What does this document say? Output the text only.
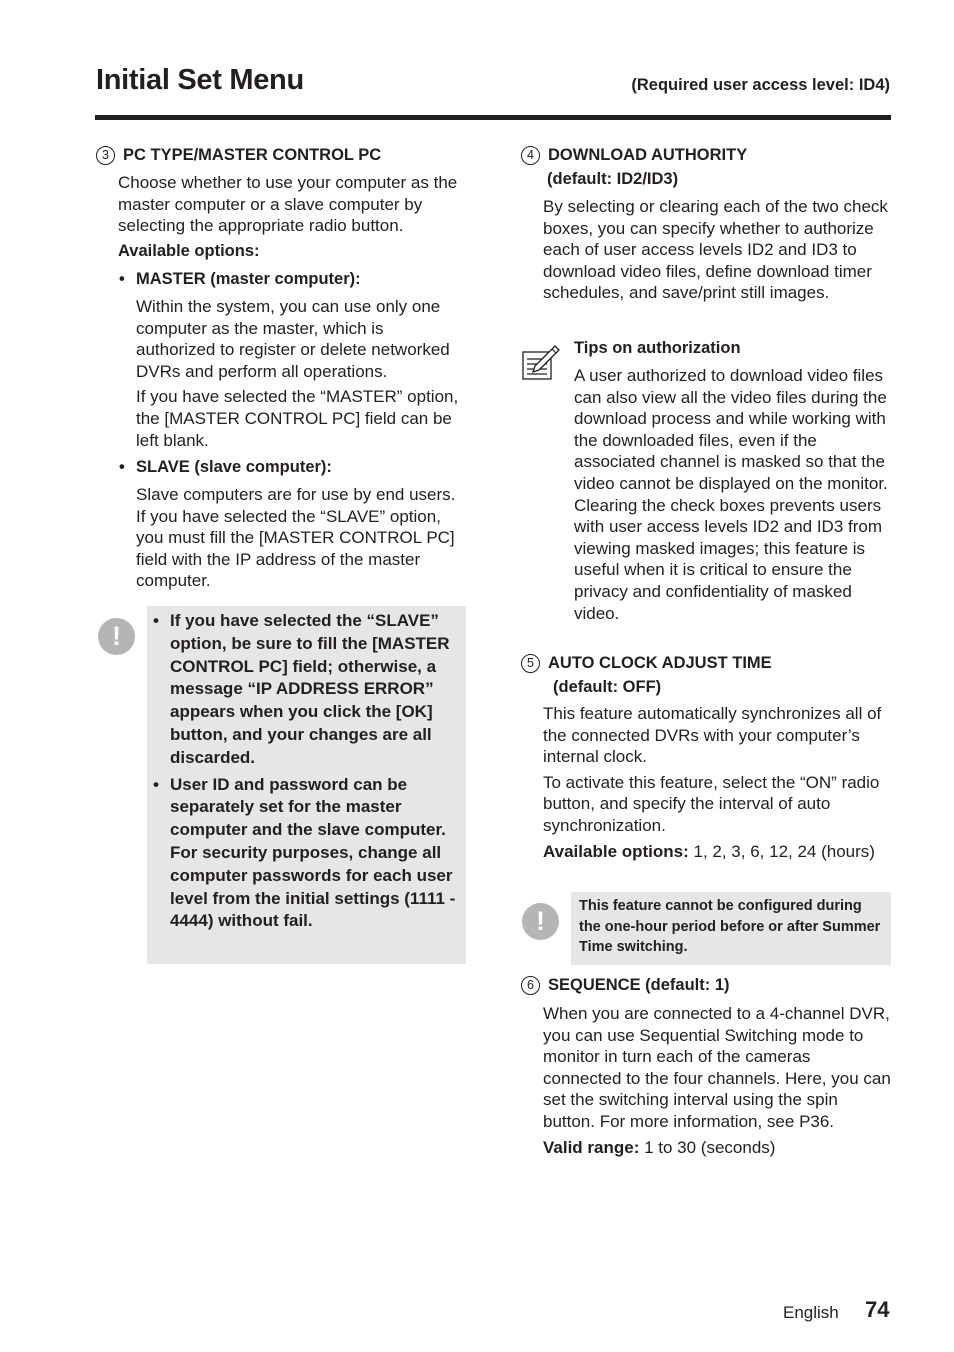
Initial Set Menu	(Required user access level: ID4)
3 PC TYPE/MASTER CONTROL PC

Choose whether to use your computer as the master computer or a slave computer by selecting the appropriate radio button.

Available options:

• MASTER (master computer):

Within the system, you can use only one computer as the master, which is authorized to register or delete networked DVRs and perform all operations.

If you have selected the “MASTER” option, the [MASTER CONTROL PC] field can be left blank.

• SLAVE (slave computer):

Slave computers are for use by end users. If you have selected the “SLAVE” option, you must fill the [MASTER CONTROL PC] field with the IP address of the master computer.

!
• If you have selected the “SLAVE” option, be sure to fill the [MASTER CONTROL PC] field; otherwise, a message “IP ADDRESS ERROR” appears when you click the [OK] button, and your changes are all discarded.
• User ID and password can be separately set for the master computer and the slave computer. For security purposes, change all computer passwords for each user level from the initial settings (1111 - 4444) without fail.
4 DOWNLOAD AUTHORITY
(default: ID2/ID3)

By selecting or clearing each of the two check boxes, you can specify whether to authorize each of user access levels ID2 and ID3 to download video files, define download timer schedules, and save/print still images.

Tips on authorization

A user authorized to download video files can also view all the video files during the download process and while working with the downloaded files, even if the associated channel is masked so that the video cannot be displayed on the monitor. Clearing the check boxes prevents users with user access levels ID2 and ID3 from viewing masked images; this feature is useful when it is critical to ensure the privacy and confidentiality of masked video.

5 AUTO CLOCK ADJUST TIME
(default: OFF)

This feature automatically synchronizes all of the connected DVRs with your computer’s internal clock.

To activate this feature, select the “ON” radio button, and specify the interval of auto synchronization.

Available options: 1, 2, 3, 6, 12, 24 (hours)

!	This feature cannot be configured during the one-hour period before or after Summer Time switching.
6 SEQUENCE (default: 1)

When you are connected to a 4-channel DVR, you can use Sequential Switching mode to monitor in turn each of the cameras connected to the four channels. Here, you can set the switching interval using the spin button. For more information, see P36.

Valid range: 1 to 30 (seconds)

English 74
